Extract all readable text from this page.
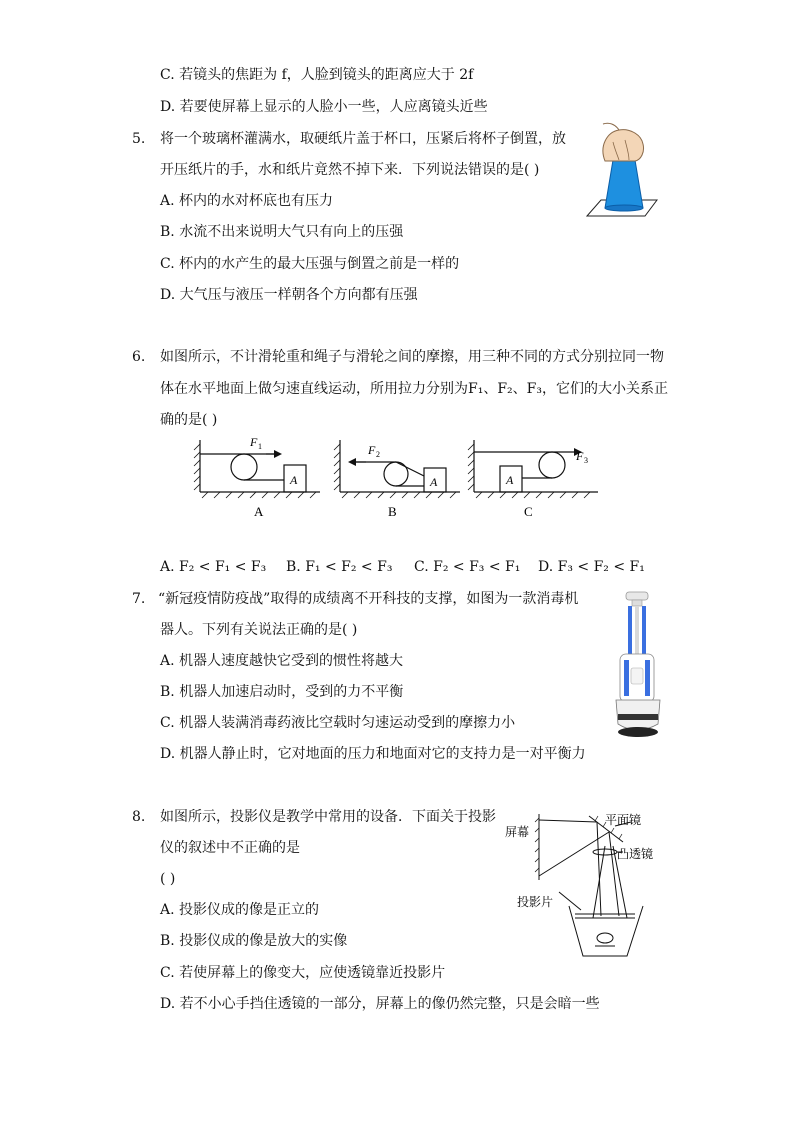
C. 若镜头的焦距为 f，人脸到镜头的距离应大于 2f
D. 若要使屏幕上显示的人脸小一些，人应离镜头近些
5. 将一个玻璃杯灌满水，取硬纸片盖于杯口，压紧后将杯子倒置，放
开压纸片的手，水和纸片竟然不掉下来．下列说法错误的是( )
A. 杯内的水对杯底也有压力
B. 水流不出来说明大气只有向上的压强
C. 杯内的水产生的最大压强与倒置之前是一样的
D. 大气压与液压一样朝各个方向都有压强
6. 如图所示，不计滑轮重和绳子与滑轮之间的摩擦，用三种不同的方式分别拉同一物
体在水平地面上做匀速直线运动，所用拉力分别为F₁、F₂、F₃，它们的大小关系正
确的是( )
A	A	A
F 1	F 2	F 3
A	B	C
A. F₂ < F₁ < F₃ B. F₁ < F₂ < F₃ C. F₂ < F₃ < F₁ D. F₃ < F₂ < F₁
7. “新冠疫情防疫战”取得的成绩离不开科技的支撑，如图为一款消毒机
器人。下列有关说法正确的是( )
A. 机器人速度越快它受到的惯性将越大
B. 机器人加速启动时，受到的力不平衡
C. 机器人装满消毒药液比空载时匀速运动受到的摩擦力小
D. 机器人静止时，它对地面的压力和地面对它的支持力是一对平衡力
8. 如图所示，投影仪是教学中常用的设备．下面关于投影
仪的叙述中不正确的是
( )
A. 投影仪成的像是正立的
B. 投影仪成的像是放大的实像
C. 若使屏幕上的像变大，应使透镜靠近投影片
D. 若不小心手挡住透镜的一部分，屏幕上的像仍然完整，只是会暗一些
屏幕
平面镜
凸透镜
投影片
